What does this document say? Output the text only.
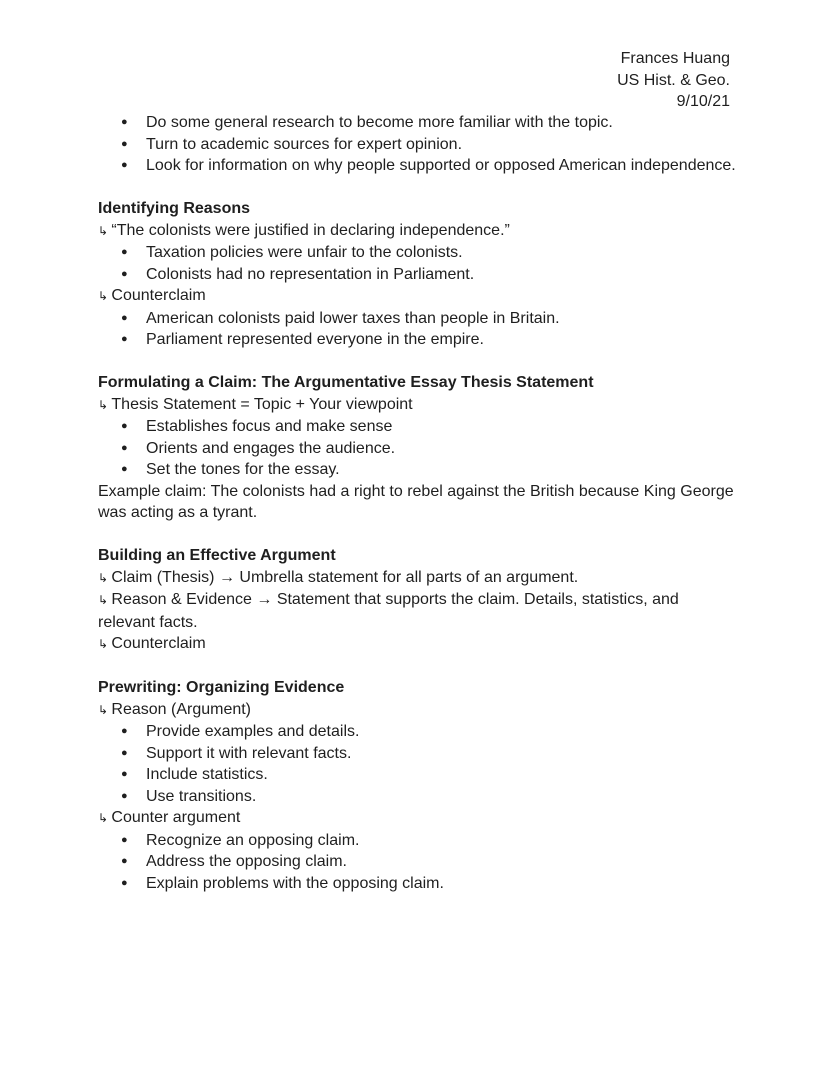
Frances Huang
US Hist. & Geo.
9/10/21
● Do some general research to become more familiar with the topic.
● Turn to academic sources for expert opinion.
● Look for information on why people supported or opposed American independence.
Identifying Reasons
↳ “The colonists were justified in declaring independence.”
● Taxation policies were unfair to the colonists.
● Colonists had no representation in Parliament.
↳ Counterclaim
● American colonists paid lower taxes than people in Britain.
● Parliament represented everyone in the empire.
Formulating a Claim: The Argumentative Essay Thesis Statement
↳ Thesis Statement = Topic + Your viewpoint
● Establishes focus and make sense
● Orients and engages the audience.
● Set the tones for the essay.
Example claim: The colonists had a right to rebel against the British because King George was acting as a tyrant.
Building an Effective Argument
↳ Claim (Thesis) → Umbrella statement for all parts of an argument.
↳ Reason & Evidence → Statement that supports the claim. Details, statistics, and relevant facts.
↳ Counterclaim
Prewriting: Organizing Evidence
↳ Reason (Argument)
● Provide examples and details.
● Support it with relevant facts.
● Include statistics.
● Use transitions.
↳ Counter argument
● Recognize an opposing claim.
● Address the opposing claim.
● Explain problems with the opposing claim.
